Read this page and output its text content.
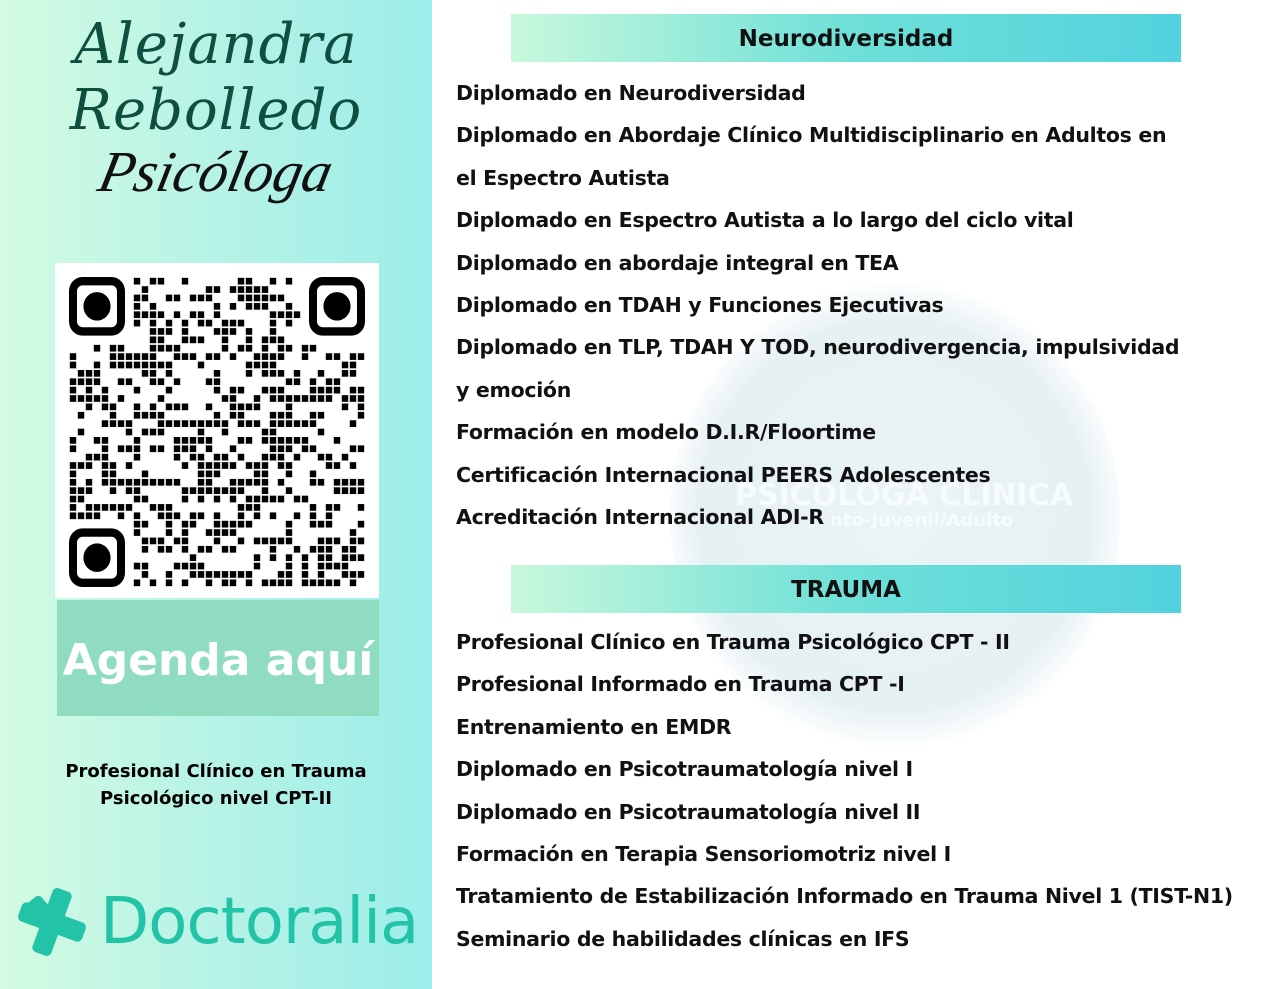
Alejandra
Rebolledo
Psicóloga
Agenda aquí
Profesional Clínico en Trauma
Psicológico nivel CPT-II
Doctoralia
PSICÓLOGA CLÍNICA
nto-Juvenil/Adulto
Neurodiversidad
Diplomado en Neurodiversidad
Diplomado en Abordaje Clínico Multidisciplinario en Adultos en
el Espectro Autista
Diplomado en Espectro Autista a lo largo del ciclo vital
Diplomado en abordaje integral en TEA
Diplomado en TDAH y Funciones Ejecutivas
Diplomado en TLP, TDAH Y TOD, neurodivergencia, impulsividad
y emoción
Formación en modelo D.I.R/Floortime
Certificación Internacional PEERS Adolescentes
Acreditación Internacional ADI-R
TRAUMA
Profesional Clínico en Trauma Psicológico CPT - II
Profesional Informado en Trauma CPT -I
Entrenamiento en EMDR
Diplomado en Psicotraumatología nivel I
Diplomado en Psicotraumatología nivel II
Formación en Terapia Sensoriomotriz nivel I
Tratamiento de Estabilización Informado en Trauma Nivel 1 (TIST-N1)
Seminario de habilidades clínicas en IFS
